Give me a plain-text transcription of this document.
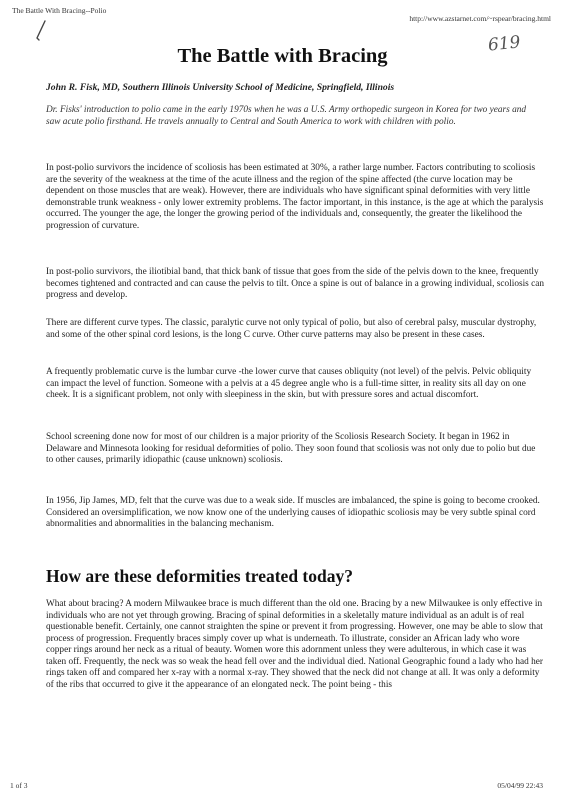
The Battle With Bracing--Polio
http://www.azstarnet.com/~rspear/bracing.html
619
The Battle with Bracing
John R. Fisk, MD, Southern Illinois University School of Medicine, Springfield, Illinois

Dr. Fisks' introduction to polio came in the early 1970s when he was a U.S. Army orthopedic surgeon in Korea for two years and saw acute polio firsthand. He travels annually to Central and South America to work with children with polio.

In post-polio survivors the incidence of scoliosis has been estimated at 30%, a rather large number. Factors contributing to scoliosis are the severity of the weakness at the time of the acute illness and the region of the spine affected (the curve location may be dependent on those muscles that are weak). However, there are individuals who have significant spinal deformities with very little demonstrable trunk weakness - only lower extremity problems. The factor important, in this instance, is the age at which the paralysis occurred. The younger the age, the longer the growing period of the individuals and, consequently, the greater the likelihood the progression of curvature.

In post-polio survivors, the iliotibial band, that thick bank of tissue that goes from the side of the pelvis down to the knee, frequently becomes tightened and contracted and can cause the pelvis to tilt. Once a spine is out of balance in a growing individual, scoliosis can progress and develop.

There are different curve types. The classic, paralytic curve not only typical of polio, but also of cerebral palsy, muscular dystrophy, and some of the other spinal cord lesions, is the long C curve. Other curve patterns may also be present in these cases.

A frequently problematic curve is the lumbar curve -the lower curve that causes obliquity (not level) of the pelvis. Pelvic obliquity can impact the level of function. Someone with a pelvis at a 45 degree angle who is a full-time sitter, in reality sits all day on one cheek. It is a significant problem, not only with sleepiness in the skin, but with pressure sores and actual discomfort.

School screening done now for most of our children is a major priority of the Scoliosis Research Society. It began in 1962 in Delaware and Minnesota looking for residual deformities of polio. They soon found that scoliosis was not only due to polio but due to other causes, primarily idiopathic (cause unknown) scoliosis.

In 1956, Jip James, MD, felt that the curve was due to a weak side. If muscles are imbalanced, the spine is going to become crooked. Considered an oversimplification, we now know one of the underlying causes of idiopathic scoliosis may be very subtle spinal cord abnormalities and abnormalities in the balancing mechanism.

How are these deformities treated today?

What about bracing? A modern Milwaukee brace is much different than the old one. Bracing by a new Milwaukee is only effective in individuals who are not yet through growing. Bracing of spinal deformities in a skeletally mature individual as an adult is of real questionable benefit. Certainly, one cannot straighten the spine or prevent it from progressing. However, one may be able to slow that process of progression. Frequently braces simply cover up what is underneath. To illustrate, consider an African lady who wore copper rings around her neck as a ritual of beauty. Women wore this adornment unless they were adulterous, in which case it was taken off. Frequently, the neck was so weak the head fell over and the individual died. National Geographic found a lady who had her rings taken off and compared her x-ray with a normal x-ray. They showed that the neck did not change at all. It was only a deformity of the ribs that occurred to give it the appearance of an elongated neck. The point being - this

1 of 3	05/04/99 22:43
